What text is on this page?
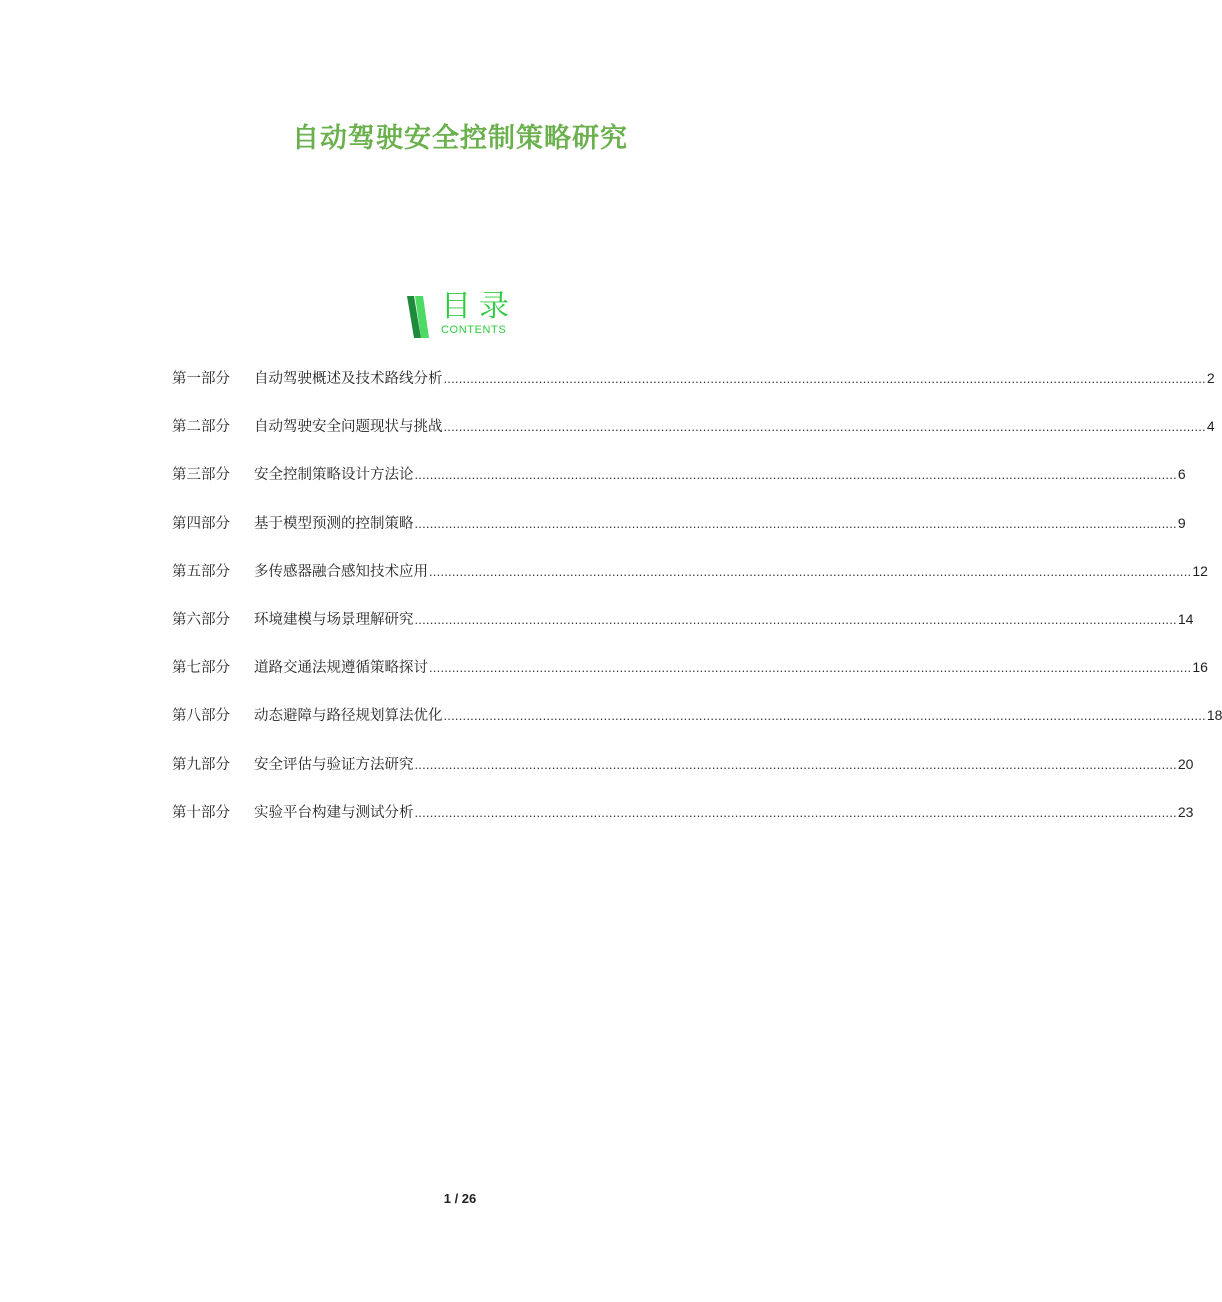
自动驾驶安全控制策略研究
目录
CONTENTS
第一部分	自动驾驶概述及技术路线分析 ........................................................................................................................................................................................................ 2
第二部分	自动驾驶安全问题现状与挑战 ........................................................................................................................................................................................................ 4
第三部分	安全控制策略设计方法论 ........................................................................................................................................................................................................ 6
第四部分	基于模型预测的控制策略 ........................................................................................................................................................................................................ 9
第五部分	多传感器融合感知技术应用 ........................................................................................................................................................................................................ 12
第六部分	环境建模与场景理解研究 ........................................................................................................................................................................................................ 14
第七部分	道路交通法规遵循策略探讨 ........................................................................................................................................................................................................ 16
第八部分	动态避障与路径规划算法优化 ........................................................................................................................................................................................................ 18
第九部分	安全评估与验证方法研究 ........................................................................................................................................................................................................ 20
第十部分	实验平台构建与测试分析 ........................................................................................................................................................................................................ 23
1 / 26
